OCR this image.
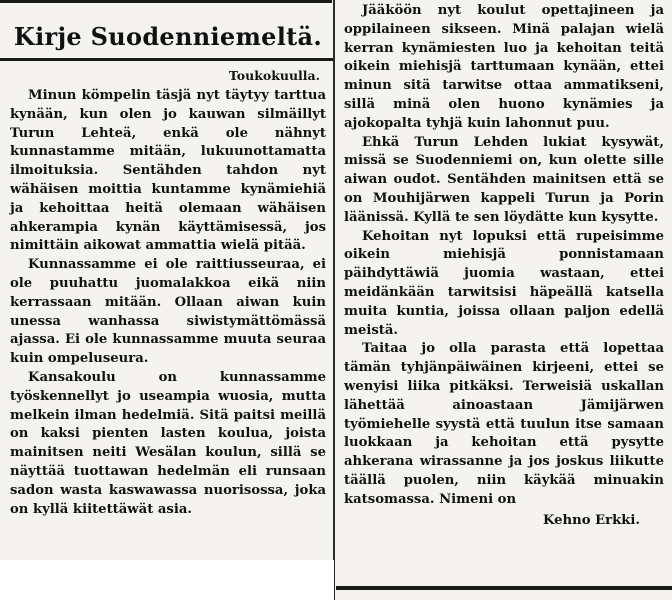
Kirje Suodenniemeltä.
Toukokuulla.

Minun kömpelin täsjä nyt täytyy tarttua kynään, kun olen jo kauwan silmäillyt Turun Lehteä, enkä ole nähnyt kunnastamme mitään, lukuunottamatta ilmoituksia. Sentähden tahdon nyt wähäisen moittia kuntamme kynämiehiä ja kehoittaa heitä olemaan wähäisen ahkerampia kynän käyttämisessä, jos nimittäin aikowat ammattia wielä pitää.

Kunnassamme ei ole raittiusseuraa, ei ole puuhattu juomalakkoa eikä niin kerrassaan mitään. Ollaan aiwan kuin unessa wanhassa siwistymättömässä ajassa. Ei ole kunnassamme muuta seuraa kuin ompeluseura.

Kansakoulu on kunnassamme työskennellyt jo useampia wuosia, mutta melkein ilman hedelmiä. Sitä paitsi meillä on kaksi pienten lasten koulua, joista mainitsen neiti Wesälan koulun, sillä se näyttää tuottawan hedelmän eli runsaan sadon wasta kaswawassa nuorisossa, joka on kyllä kiitettäwät asia.

Jääköön nyt koulut opettajineen ja oppilaineen sikseen. Minä palajan wielä kerran kynämiesten luo ja kehoitan teitä oikein miehisjä tarttumaan kynään, ettei minun sitä tarwitse ottaa ammatikseni, sillä minä olen huono kynämies ja ajokopalta tyhjä kuin lahonnut puu.

Ehkä Turun Lehden lukiat kysywät, missä se Suodenniemi on, kun olette sille aiwan oudot. Sentähden mainitsen että se on Mouhijärwen kappeli Turun ja Porin läänissä. Kyllä te sen löydätte kun kysytte.

Kehoitan nyt lopuksi että rupeisimme oikein miehisjä ponnistamaan päihdyttäwiä juomia wastaan, ettei meidänkään tarwitsisi häpeällä katsella muita kuntia, joissa ollaan paljon edellä meistä.

Taitaa jo olla parasta että lopettaa tämän tyhjänpäiwäinen kirjeeni, ettei se wenyisi liika pitkäksi. Terweisiä uskallan lähettää ainoastaan Jämijärwen työmiehelle syystä että tuulun itse samaan luokkaan ja kehoitan että pysytte ahkerana wirassanne ja jos joskus liikutte täällä puolen, niin käykää minuakin katsomassa. Nimeni on

Kehno Erkki.
